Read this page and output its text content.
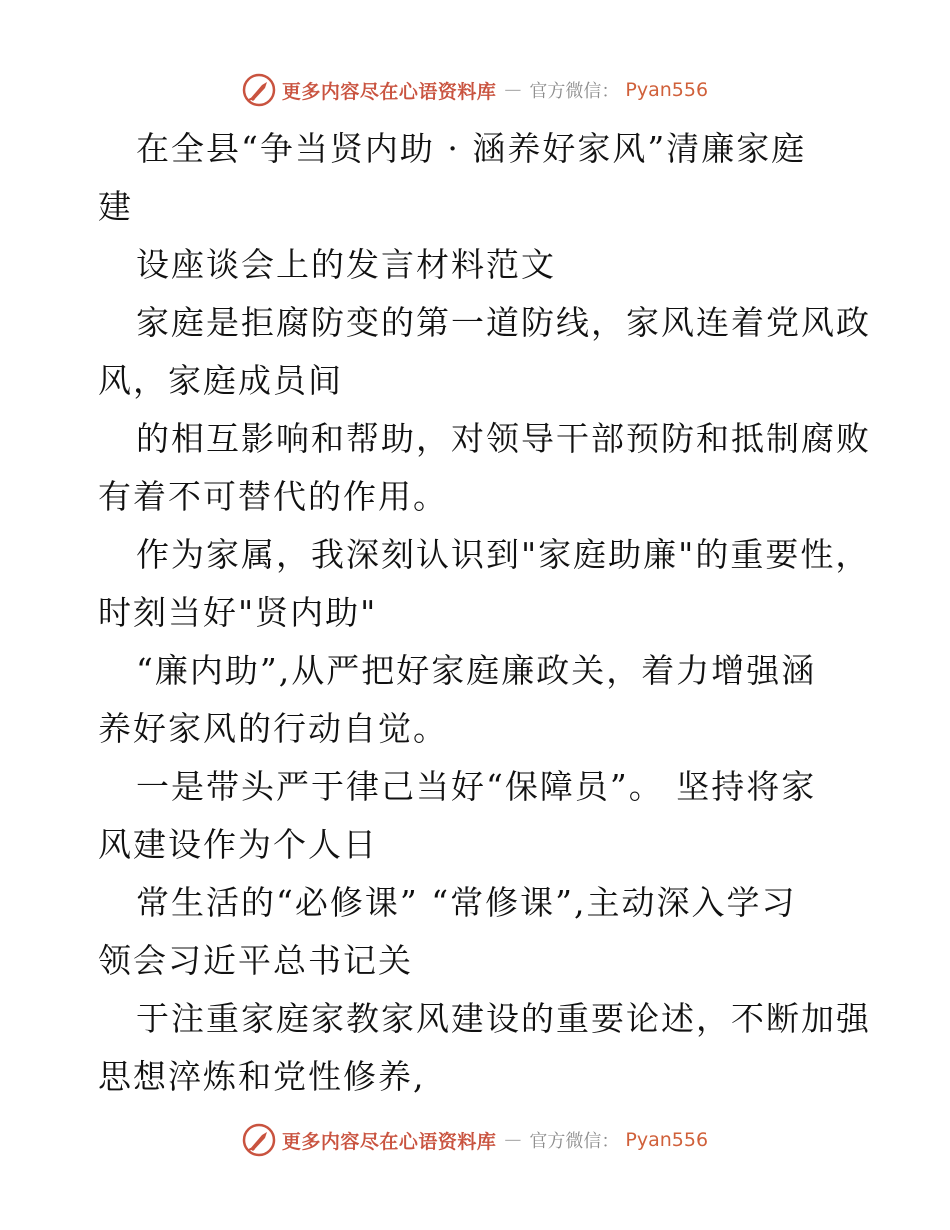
更多内容尽在心语资料库 — 官方微信： Pyan556
在全县“争当贤内助 · 涵养好家风”清廉家庭
建
设座谈会上的发言材料范文
家庭是拒腐防变的第一道防线，家风连着党风政
风，家庭成员间
的相互影响和帮助，对领导干部预防和抵制腐败
有着不可替代的作用。
作为家属，我深刻认识到"家庭助廉"的重要性，
时刻当好"贤内助"
“廉内助”,从严把好家庭廉政关，着力增强涵
养好家风的行动自觉。
一是带头严于律己当好“保障员”。 坚持将家
风建设作为个人日
常生活的“必修课” “常修课”,主动深入学习
领会习近平总书记关
于注重家庭家教家风建设的重要论述，不断加强
思想淬炼和党性修养,
更多内容尽在心语资料库 — 官方微信： Pyan556
